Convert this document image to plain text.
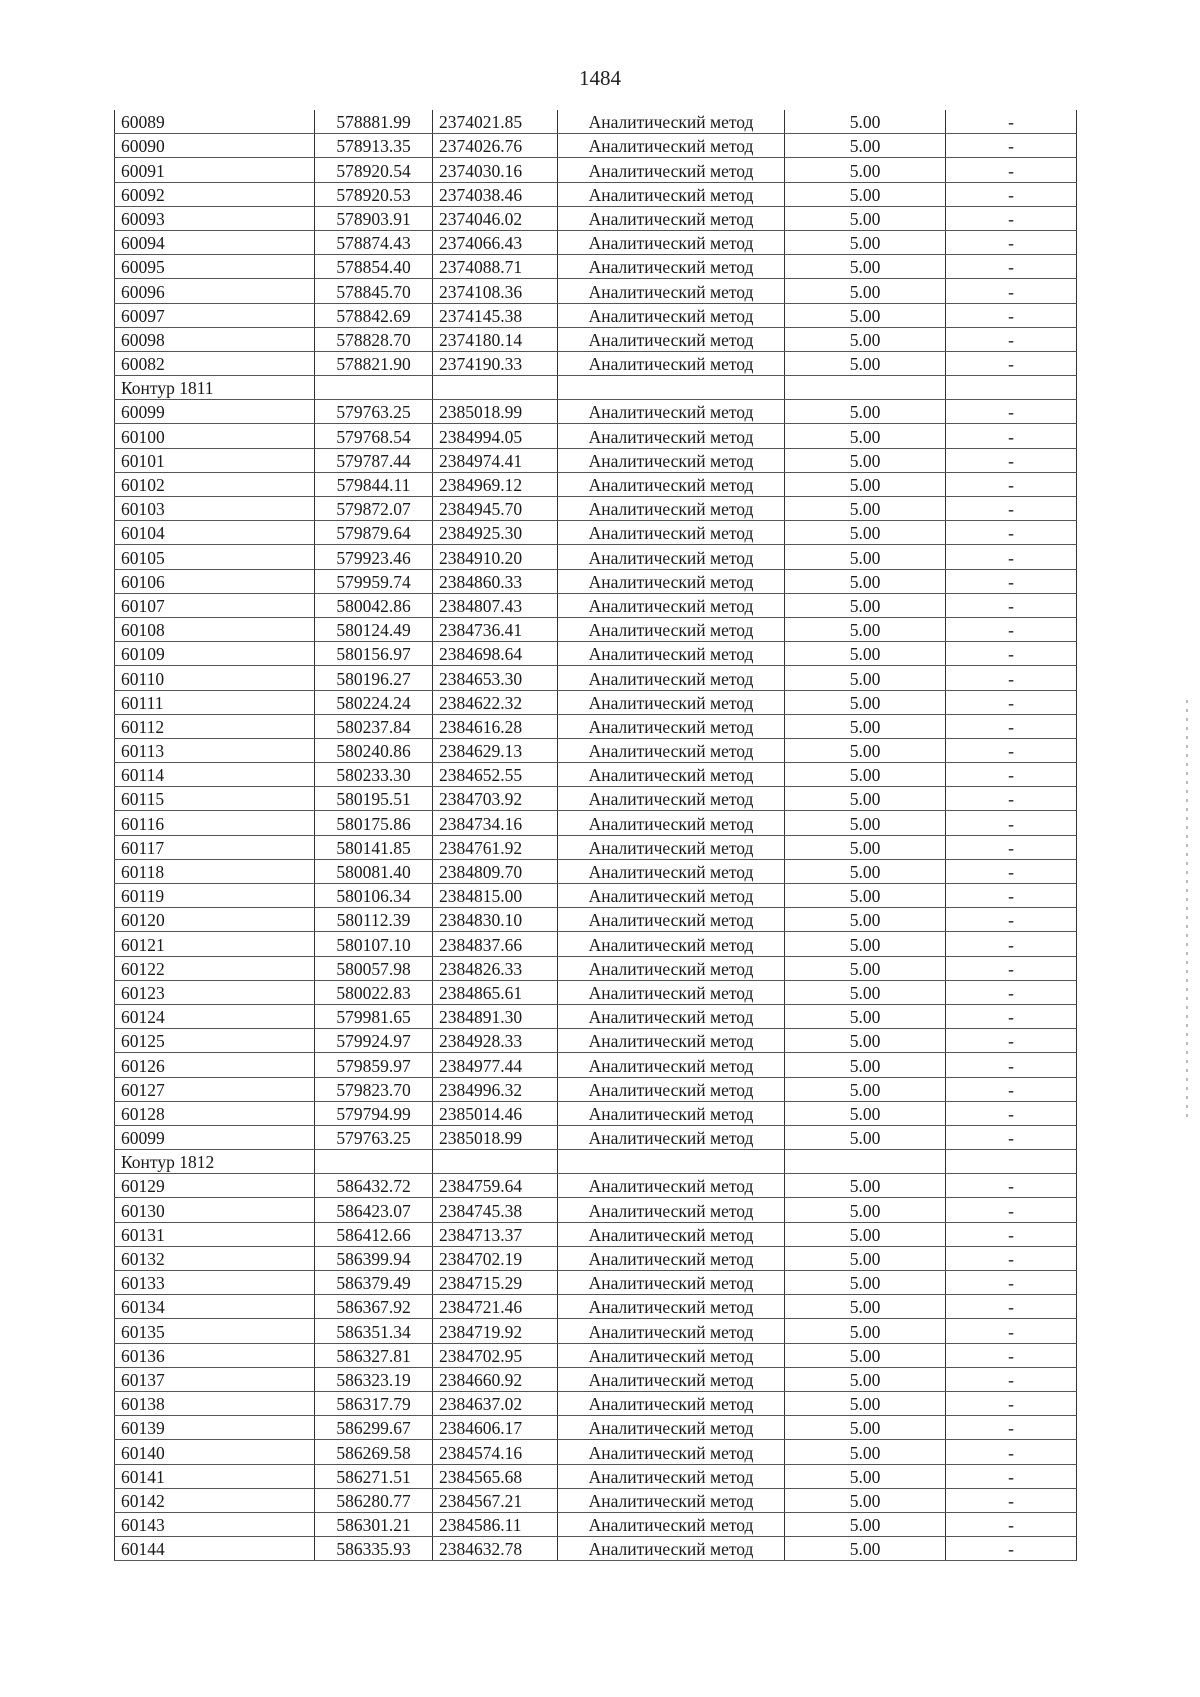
1484
60089	578881.99	2374021.85	Аналитический метод	5.00	-
60090	578913.35	2374026.76	Аналитический метод	5.00	-
60091	578920.54	2374030.16	Аналитический метод	5.00	-
60092	578920.53	2374038.46	Аналитический метод	5.00	-
60093	578903.91	2374046.02	Аналитический метод	5.00	-
60094	578874.43	2374066.43	Аналитический метод	5.00	-
60095	578854.40	2374088.71	Аналитический метод	5.00	-
60096	578845.70	2374108.36	Аналитический метод	5.00	-
60097	578842.69	2374145.38	Аналитический метод	5.00	-
60098	578828.70	2374180.14	Аналитический метод	5.00	-
60082	578821.90	2374190.33	Аналитический метод	5.00	-
Контур 1811					
60099	579763.25	2385018.99	Аналитический метод	5.00	-
60100	579768.54	2384994.05	Аналитический метод	5.00	-
60101	579787.44	2384974.41	Аналитический метод	5.00	-
60102	579844.11	2384969.12	Аналитический метод	5.00	-
60103	579872.07	2384945.70	Аналитический метод	5.00	-
60104	579879.64	2384925.30	Аналитический метод	5.00	-
60105	579923.46	2384910.20	Аналитический метод	5.00	-
60106	579959.74	2384860.33	Аналитический метод	5.00	-
60107	580042.86	2384807.43	Аналитический метод	5.00	-
60108	580124.49	2384736.41	Аналитический метод	5.00	-
60109	580156.97	2384698.64	Аналитический метод	5.00	-
60110	580196.27	2384653.30	Аналитический метод	5.00	-
60111	580224.24	2384622.32	Аналитический метод	5.00	-
60112	580237.84	2384616.28	Аналитический метод	5.00	-
60113	580240.86	2384629.13	Аналитический метод	5.00	-
60114	580233.30	2384652.55	Аналитический метод	5.00	-
60115	580195.51	2384703.92	Аналитический метод	5.00	-
60116	580175.86	2384734.16	Аналитический метод	5.00	-
60117	580141.85	2384761.92	Аналитический метод	5.00	-
60118	580081.40	2384809.70	Аналитический метод	5.00	-
60119	580106.34	2384815.00	Аналитический метод	5.00	-
60120	580112.39	2384830.10	Аналитический метод	5.00	-
60121	580107.10	2384837.66	Аналитический метод	5.00	-
60122	580057.98	2384826.33	Аналитический метод	5.00	-
60123	580022.83	2384865.61	Аналитический метод	5.00	-
60124	579981.65	2384891.30	Аналитический метод	5.00	-
60125	579924.97	2384928.33	Аналитический метод	5.00	-
60126	579859.97	2384977.44	Аналитический метод	5.00	-
60127	579823.70	2384996.32	Аналитический метод	5.00	-
60128	579794.99	2385014.46	Аналитический метод	5.00	-
60099	579763.25	2385018.99	Аналитический метод	5.00	-
Контур 1812					
60129	586432.72	2384759.64	Аналитический метод	5.00	-
60130	586423.07	2384745.38	Аналитический метод	5.00	-
60131	586412.66	2384713.37	Аналитический метод	5.00	-
60132	586399.94	2384702.19	Аналитический метод	5.00	-
60133	586379.49	2384715.29	Аналитический метод	5.00	-
60134	586367.92	2384721.46	Аналитический метод	5.00	-
60135	586351.34	2384719.92	Аналитический метод	5.00	-
60136	586327.81	2384702.95	Аналитический метод	5.00	-
60137	586323.19	2384660.92	Аналитический метод	5.00	-
60138	586317.79	2384637.02	Аналитический метод	5.00	-
60139	586299.67	2384606.17	Аналитический метод	5.00	-
60140	586269.58	2384574.16	Аналитический метод	5.00	-
60141	586271.51	2384565.68	Аналитический метод	5.00	-
60142	586280.77	2384567.21	Аналитический метод	5.00	-
60143	586301.21	2384586.11	Аналитический метод	5.00	-
60144	586335.93	2384632.78	Аналитический метод	5.00	-
